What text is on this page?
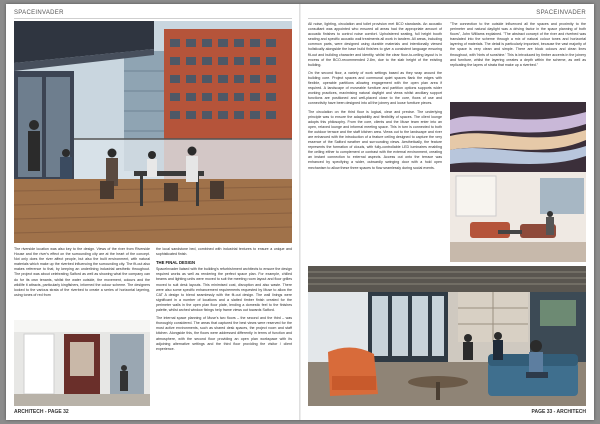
SPACEINVADER

The riverside location was also key to the design. Views of the river from Riverside House and the river's effect on the surrounding city are at the heart of the concept. Not only does the river affect people, but also the built environment, with natural materials which make up the riverbed influencing the surrounding city. The fit-out also makes reference to that, by keeping an underlining industrial aesthetic throughout. The project was about celebrating Salford as well as showing what the company can do for its own tenants, whilst the water outside, the movement, colours and the wildlife it attracts, particularly kingfishers, informed the colour scheme. The designers looked to the various strata of the riverbed to create a series of horizontal layering, using tones of red from

the local sandstone bed, combined with industrial textures to ensure a unique and sophisticated finish.

THE FINAL DESIGN

SpaceInvader liaised with the building's refurbishment architects to ensure the design required works as well as rendering the perfect space plan. For example, chilled beams and lighting units were moved to suit the meeting room layout and floor grilles moved to suit desk layouts. This minimised cost, disruption and also waste. There were also some specific enhancement requirements requested by Muse to allow the CAT A design to blend seamlessly with the fit-out design. The wall linings were significant in a number of locations and a slatted timber finish created for the perimeter walls in the open plan floor plate, lending a domestic feel to the finishes palette, whilst arched window fixings help frame views out towards Salford.

The internal space planning of Muse's two floors – the second and the third – was thoroughly considered. The areas that captured the best views were reserved for the most active environments, such as shared desk spaces, the project room and staff kitchen. Alongside this, the floors were addressed differently in terms of function and atmosphere, with the second floor providing an open plan workspace with its adjoining alternative settings and the third floor providing the visitor / client experience.

ARCHITECH - PAGE 32
SPACEINVADER

All noise, lighting, circulation and toilet provision met BCO standards. An acoustic consultant was appointed who ensured all areas had the appropriate amount of acoustic finishes to control noise comfort. Upholstered seating, full height booth seating and specific acoustic wall treatments all work in tandem. All areas, including common parts, were designed using durable materials and intentionally viewed holistically alongside the base build finishes to give a consistent language ensuring fit-out and building character and identity, whilst the clear floor-to-ceiling layout is in excess of the BCO-recommended 2.8m, due to the slab height of the existing building.

On the second floor, a variety of work settings based as they wrap around the building core. Project spaces and communal quiet spaces flank the edges with flexible, operable partitions allowing engagement with the open plan area if required. A landscape of moveable furniture and partition options supports wider working practices, maximising natural daylight and views whilst ancillary support functions are positioned and well-placed close to the core, flows of use and connectivity have been designed into all the joinery and loose furniture pieces.

The circulation on the third floor is logical, clear and precise. The underlying principle was to ensure the adaptability and flexibility of spaces. The client lounge adopts this philosophy. From the core, clients and the Muse team enter into an open, relaxed lounge and informal meeting space. This in turn is connected to both the outdoor terrace and the staff kitchen area. Views out to the landscape and river are enhanced with the introduction of a feature ceiling designed to capture the very essence of the Salford weather and surrounding views. Aesthetically, the feature represents the formation of clouds, with fully-controllable LED luminaires enabling the ceiling either to complement or contrast with the external environment, creating an instant connection to external aspects. Access out onto the terrace was enhanced by specifying a wider, outwardly swinging door with a hold open mechanism to allow these three spaces to flow seamlessly during social events.

"The connection to the outside influenced all the spaces and proximity to the perimeter and natural daylight was a driving factor in the space planning of both floors", John Williams explained. "The abstract concept of the river and riverbed was translated into the scheme through a mix of natural colour tones and horizontal layering of materials. The detail is particularly important, because the vast majority of the space is very clean and simple. There are block colours and clean lines throughout, with 'hints of sunshine.' This is introduced by timber accents in the joinery and furniture, whilst the layering creates a depth within the scheme, as well as replicating the layers of strata that make up a riverbed."

PAGE 33 - ARCHITECH
